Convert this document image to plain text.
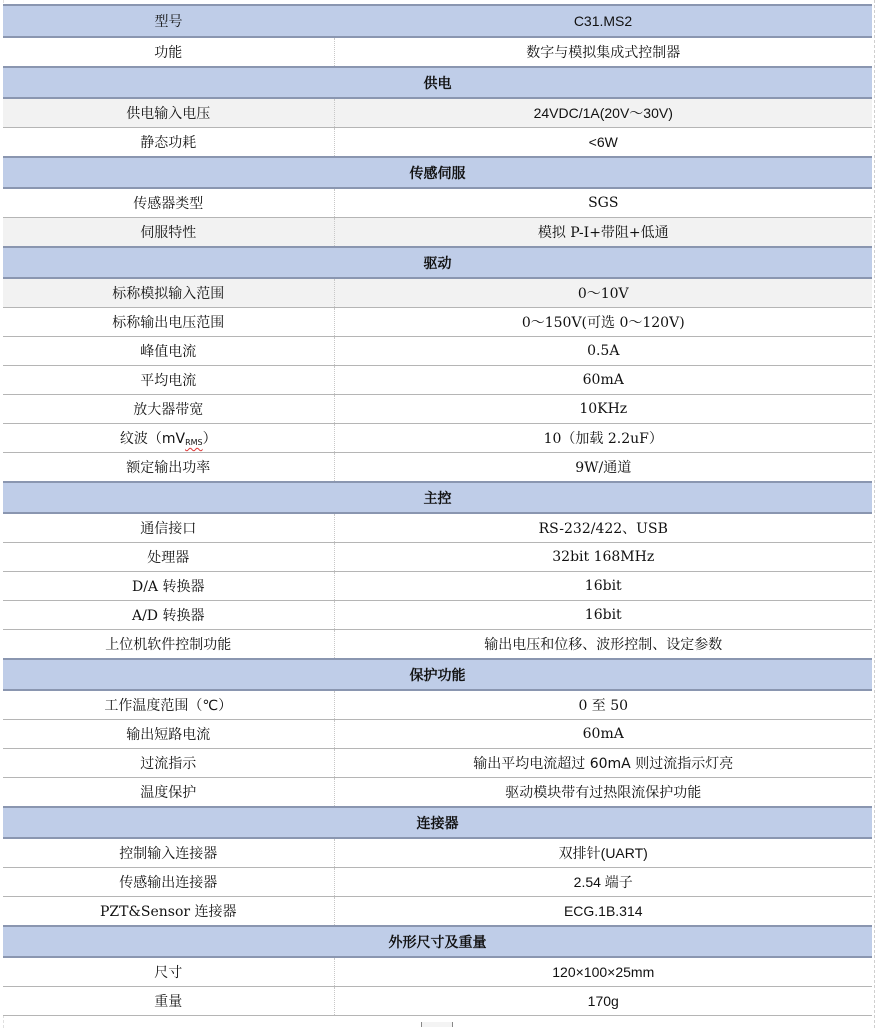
型号	C31.MS2
功能	数字与模拟集成式控制器
供电	
供电输入电压	24VDC/1A(20V～30V)
静态功耗	<6W
传感伺服	
传感器类型	SGS
伺服特性	模拟 P-I+带阻+低通
驱动	
标称模拟输入范围	0～10V
标称输出电压范围	0～150V(可选 0～120V)
峰值电流	0.5A
平均电流	60mA
放大器带宽	10KHz
纹波$(mV_{RMS})$	10（加载 2.2uF）
额定输出功率	9W/通道
主控	
通信接口	RS-232/422、USB
处理器	32bit 168MHz
D/A 转换器	16bit
A/D 转换器	16bit
上位机软件控制功能	输出电压和位移、波形控制、设定参数
保护功能	
工作温度范围（℃）	0 至 50
输出短路电流	60mA
过流指示	输出平均电流超过 60mA 则过流指示灯亮
温度保护	驱动模块带有过热限流保护功能
连接器	
控制输入连接器	双排针(UART)
传感输出连接器	2.54 端子
PZT&Sensor 连接器	ECG.1B.314
外形尺寸及重量	
尺寸	120×100×25mm
重量	170g
